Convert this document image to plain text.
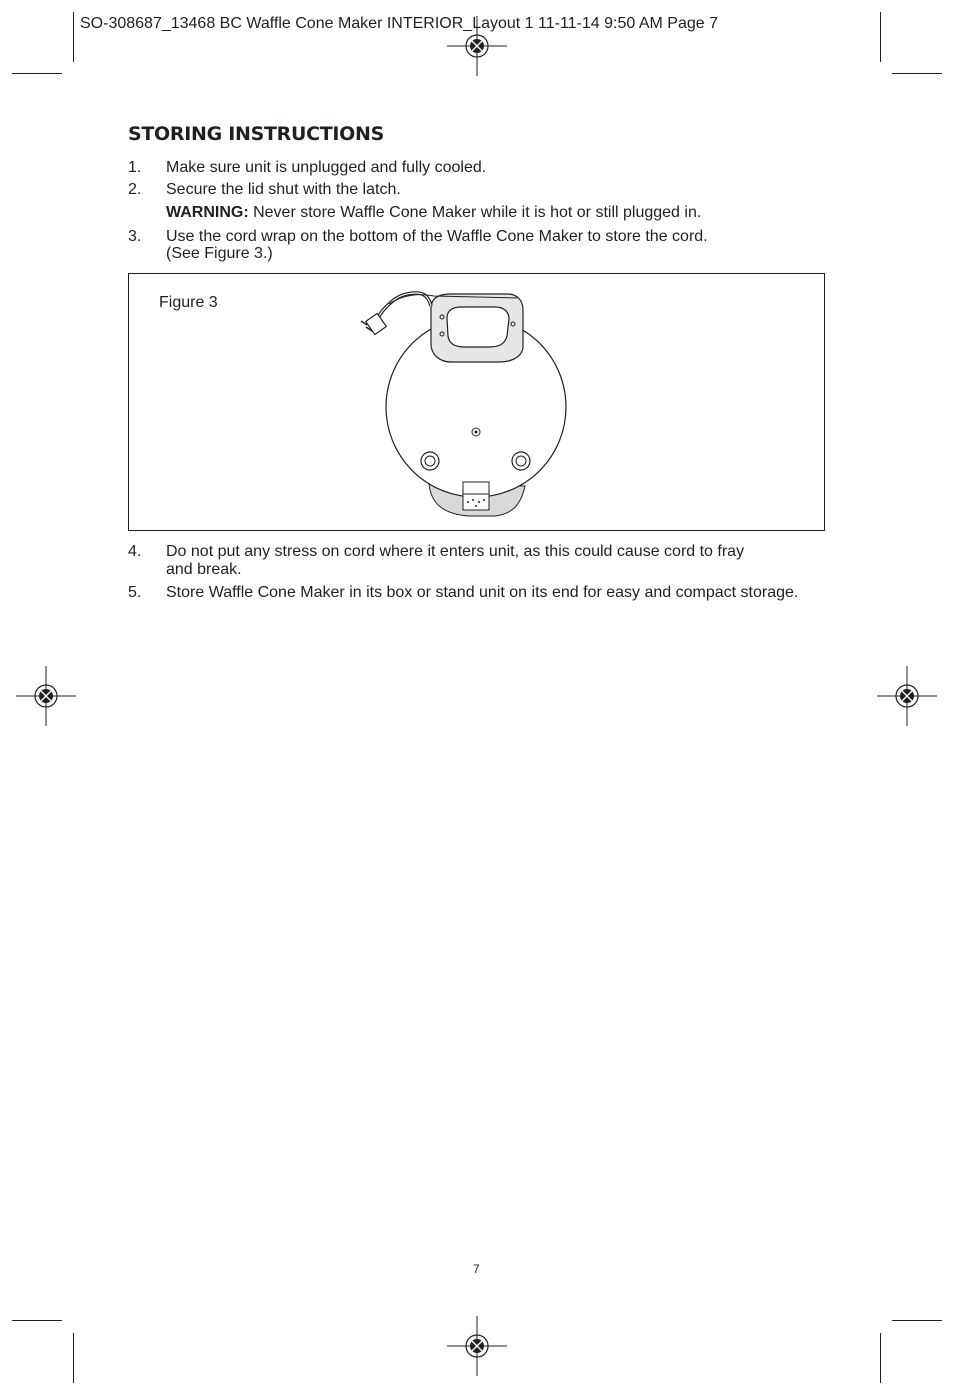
SO-308687_13468 BC Waffle Cone Maker INTERIOR_Layout 1 11-11-14 9:50 AM Page 7
STORING INSTRUCTIONS
1. Make sure unit is unplugged and fully cooled.
2. Secure the lid shut with the latch.
WARNING: Never store Waffle Cone Maker while it is hot or still plugged in.
3. Use the cord wrap on the bottom of the Waffle Cone Maker to store the cord.
(See Figure 3.)
Figure 3
4. Do not put any stress on cord where it enters unit, as this could cause cord to fray
and break.
5. Store Waffle Cone Maker in its box or stand unit on its end for easy and compact storage.
7
